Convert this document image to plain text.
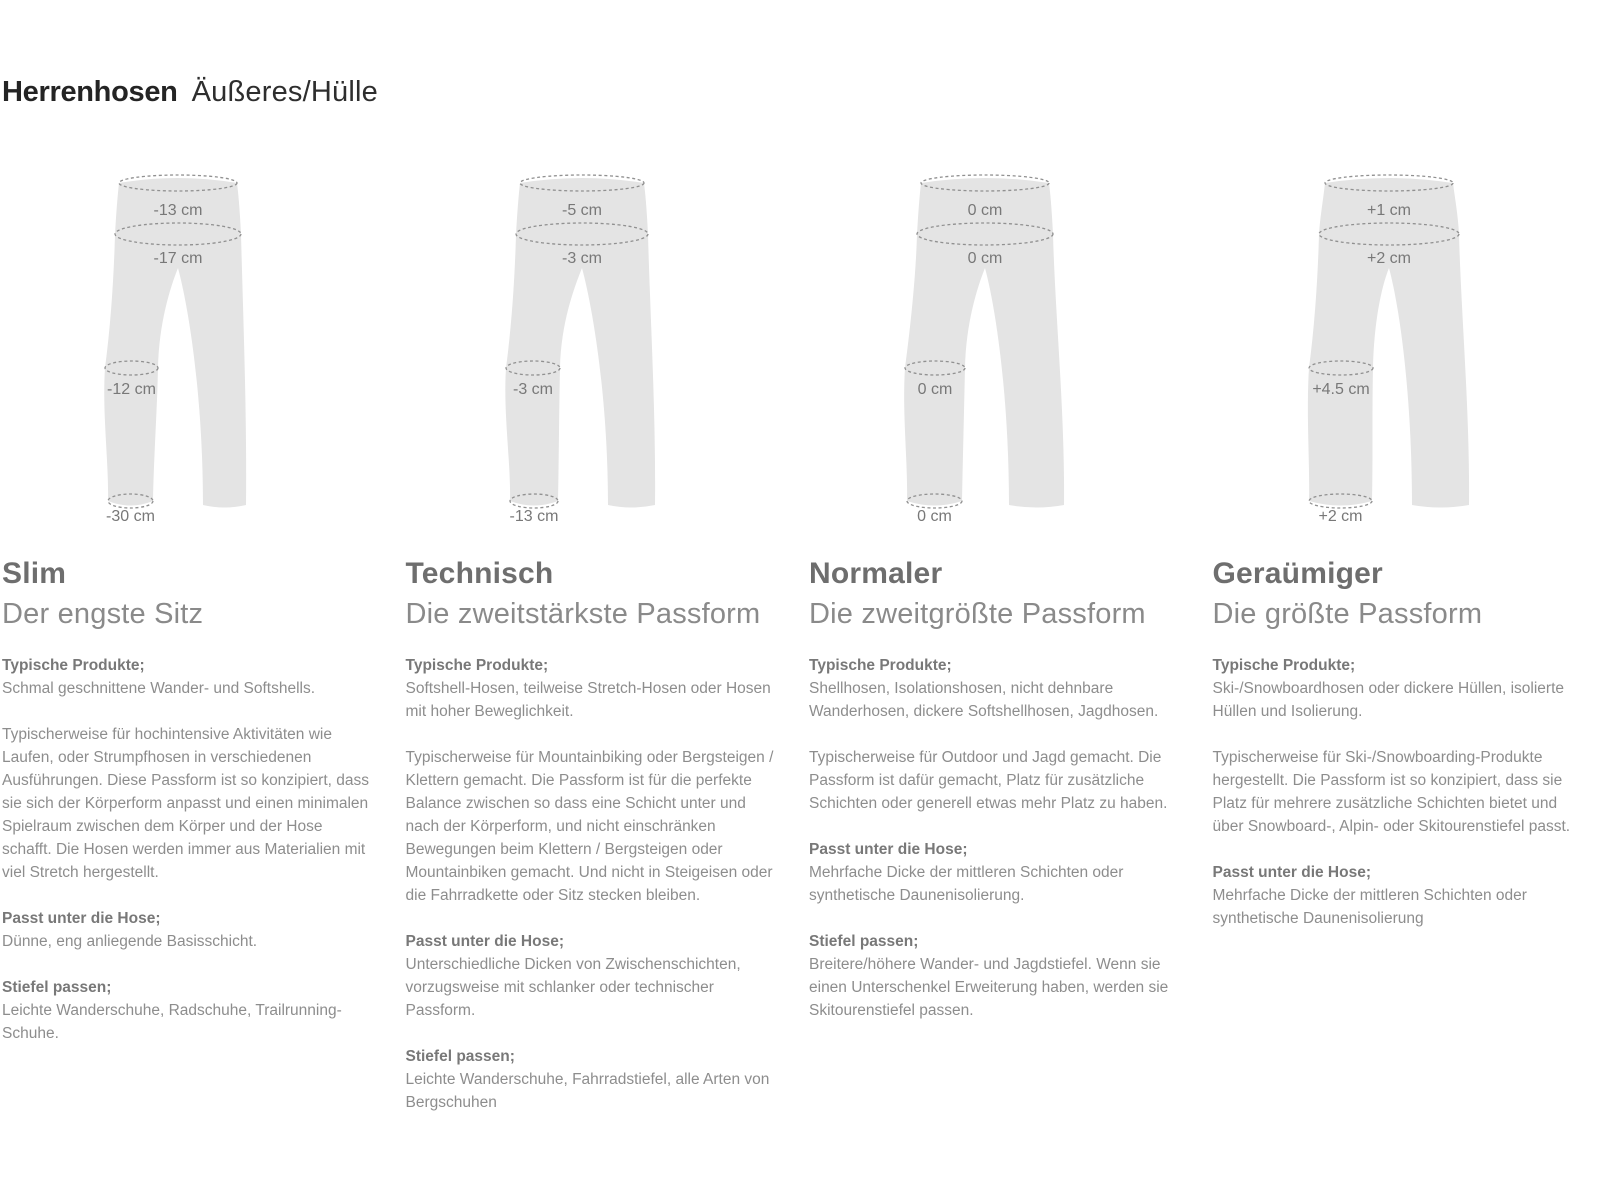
Herrenhosen Äußeres/Hülle
-13 cm
-17 cm
-12 cm
-30 cm
Slim
Der engste Sitz
Typische Produkte;

Schmal geschnittene Wander- und Softshells.

Typischerweise für hochintensive Aktivitäten wie Laufen, oder Strumpfhosen in verschiedenen Ausführungen. Diese Passform ist so konzipiert, dass sie sich der Körperform anpasst und einen minimalen Spielraum zwischen dem Körper und der Hose schafft. Die Hosen werden immer aus Materialien mit viel Stretch hergestellt.

Passt unter die Hose;

Dünne, eng anliegende Basisschicht.

Stiefel passen;

Leichte Wanderschuhe, Radschuhe, Trailrunning-Schuhe.

-5 cm
-3 cm
-3 cm
-13 cm
Technisch
Die zweitstärkste Passform
Typische Produkte;

Softshell-Hosen, teilweise Stretch-Hosen oder Hosen mit hoher Beweglichkeit.

Typischerweise für Mountainbiking oder Bergsteigen / Klettern gemacht. Die Passform ist für die perfekte Balance zwischen so dass eine Schicht unter und nach der Körperform, und nicht einschränken Bewegungen beim Klettern / Bergsteigen oder Mountainbiken gemacht. Und nicht in Steigeisen oder die Fahrradkette oder Sitz stecken bleiben.

Passt unter die Hose;

Unterschiedliche Dicken von Zwischenschichten, vorzugsweise mit schlanker oder technischer Passform.

Stiefel passen;

Leichte Wanderschuhe, Fahrradstiefel, alle Arten von Bergschuhen

0 cm
0 cm
0 cm
0 cm
Normaler
Die zweitgrößte Passform
Typische Produkte;

Shellhosen, Isolationshosen, nicht dehnbare Wanderhosen, dickere Softshellhosen, Jagdhosen.

Typischerweise für Outdoor und Jagd gemacht. Die Passform ist dafür gemacht, Platz für zusätzliche Schichten oder generell etwas mehr Platz zu haben.

Passt unter die Hose;

Mehrfache Dicke der mittleren Schichten oder synthetische Daunenisolierung.

Stiefel passen;

Breitere/höhere Wander- und Jagdstiefel. Wenn sie einen Unterschenkel Erweiterung haben, werden sie Skitourenstiefel passen.

+1 cm
+2 cm
+4.5 cm
+2 cm
Geraümiger
Die größte Passform
Typische Produkte;

Ski-/Snowboardhosen oder dickere Hüllen, isolierte Hüllen und Isolierung.

Typischerweise für Ski-/Snowboarding-Produkte hergestellt. Die Passform ist so konzipiert, dass sie Platz für mehrere zusätzliche Schichten bietet und über Snowboard-, Alpin- oder Skitourenstiefel passt.

Passt unter die Hose;

Mehrfache Dicke der mittleren Schichten oder synthetische Daunenisolierung
